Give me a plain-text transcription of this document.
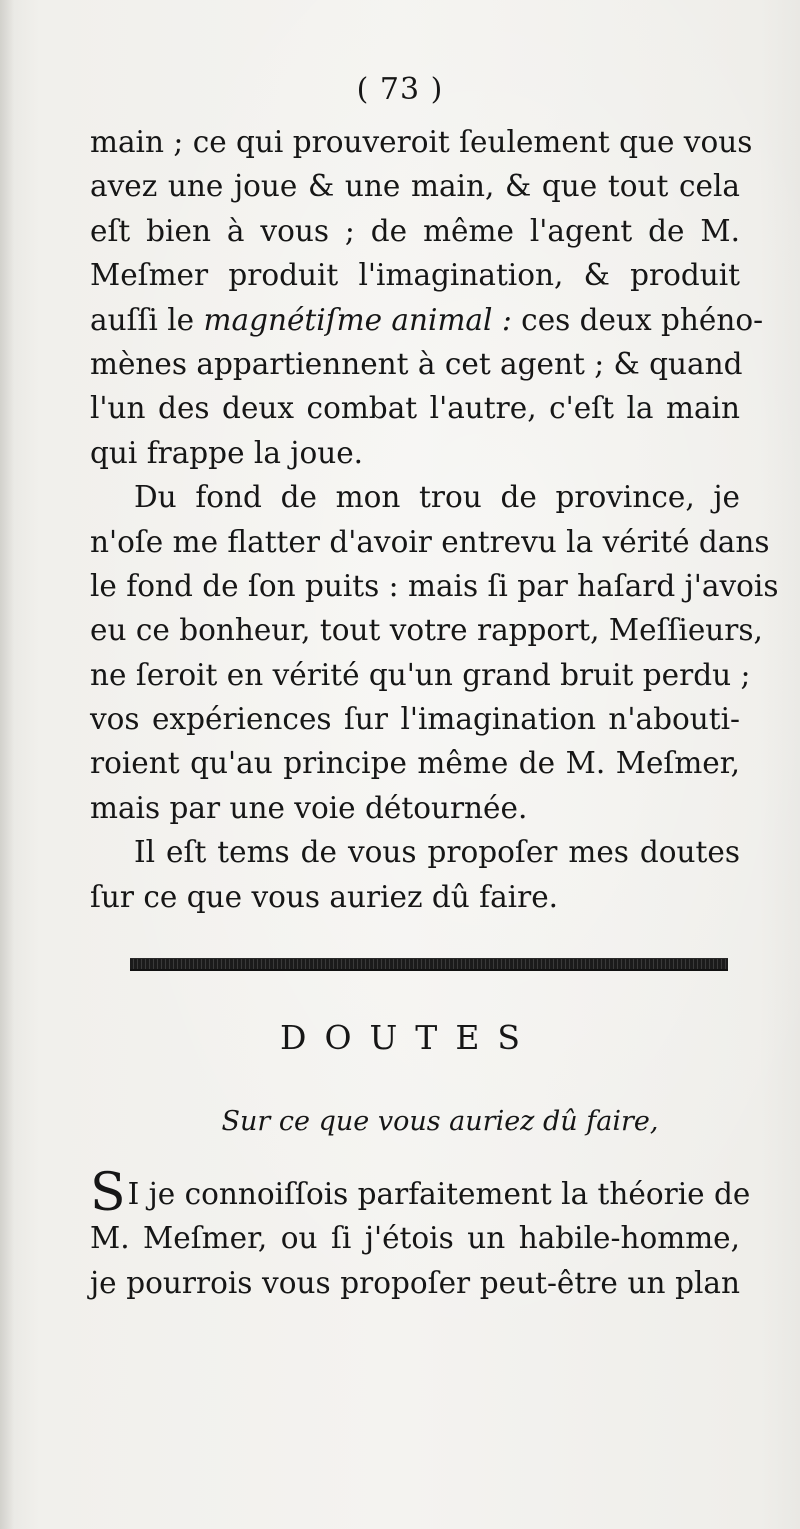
( 73 )
main ; ce qui prouveroit ſeulement que vous
avez une joue & une main, & que tout cela
eſt bien à vous ; de même l'agent de M.
Meſmer produit l'imagination, & produit
auſſi le magnétiſme animal : ces deux phéno-
mènes appartiennent à cet agent ; & quand
l'un des deux combat l'autre, c'eſt la main
qui frappe la joue.
Du fond de mon trou de province, je
n'oſe me flatter d'avoir entrevu la vérité dans
le fond de ſon puits : mais ſi par haſard j'avois
eu ce bonheur, tout votre rapport, Meſſieurs,
ne ſeroit en vérité qu'un grand bruit perdu ;
vos expériences ſur l'imagination n'abouti-
roient qu'au principe même de M. Meſmer,
mais par une voie détournée.
Il eſt tems de vous propoſer mes doutes
ſur ce que vous auriez dû faire.
DOUTES
Sur ce que vous auriez dû faire,
SI je connoiſſois parfaitement la théorie de
M. Meſmer, ou ſi j'étois un habile-homme,
je pourrois vous propoſer peut-être un plan
